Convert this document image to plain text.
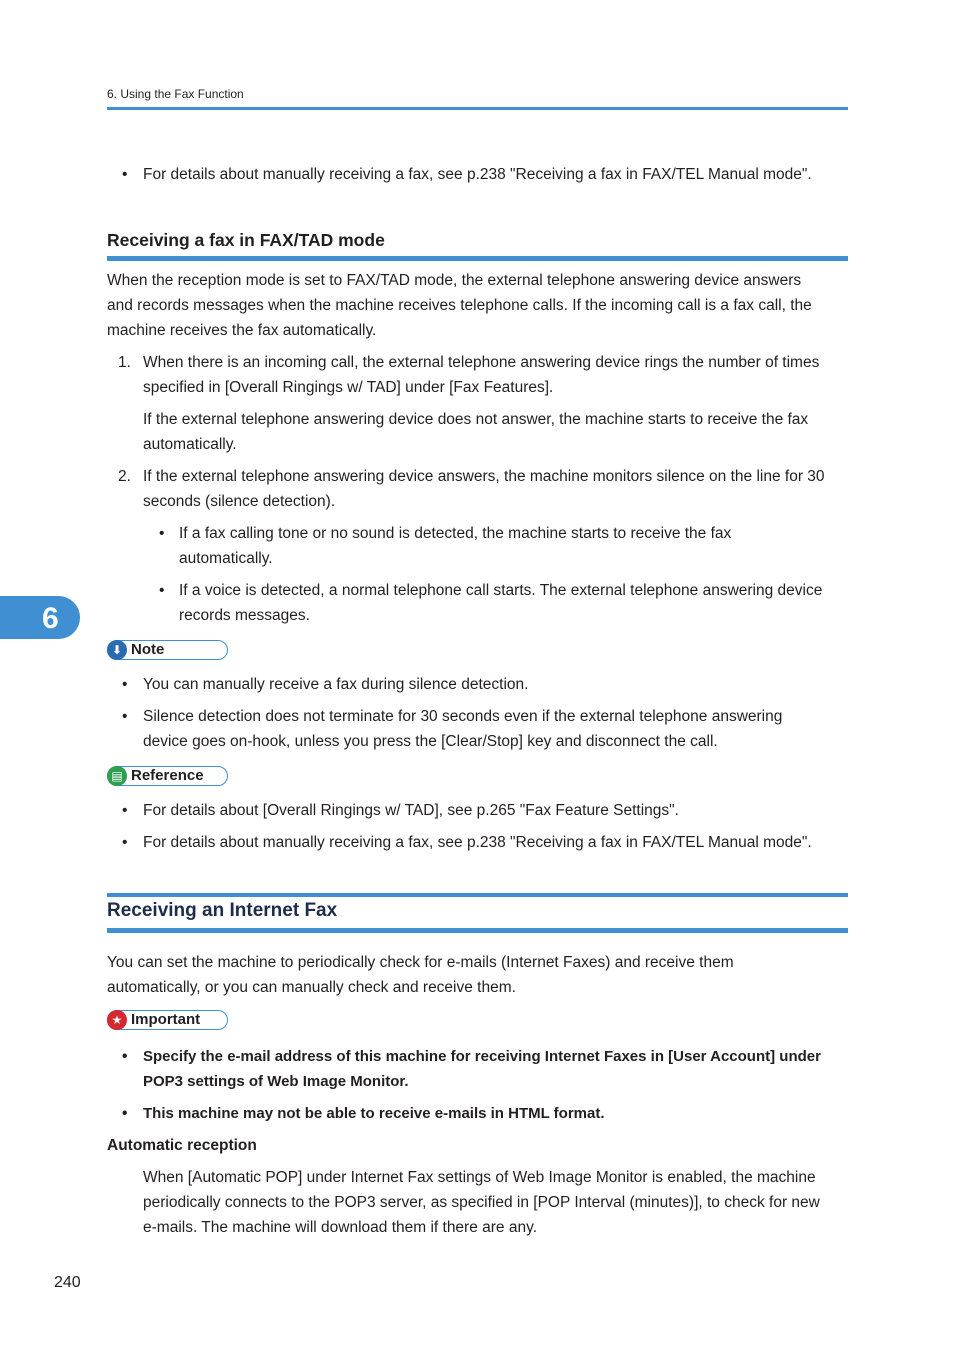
6. Using the Fax Function
• For details about manually receiving a fax, see p.238 "Receiving a fax in FAX/TEL Manual mode".
Receiving a fax in FAX/TAD mode
When the reception mode is set to FAX/TAD mode, the external telephone answering device answers
and records messages when the machine receives telephone calls. If the incoming call is a fax call, the
machine receives the fax automatically.
1. When there is an incoming call, the external telephone answering device rings the number of times
specified in [Overall Ringings w/ TAD] under [Fax Features].
If the external telephone answering device does not answer, the machine starts to receive the fax
automatically.
2. If the external telephone answering device answers, the machine monitors silence on the line for 30
seconds (silence detection).
• If a fax calling tone or no sound is detected, the machine starts to receive the fax
automatically.
• If a voice is detected, a normal telephone call starts. The external telephone answering device
records messages.
6
⬇ Note
• You can manually receive a fax during silence detection.
• Silence detection does not terminate for 30 seconds even if the external telephone answering
device goes on-hook, unless you press the [Clear/Stop] key and disconnect the call.
▤ Reference
• For details about [Overall Ringings w/ TAD], see p.265 "Fax Feature Settings".
• For details about manually receiving a fax, see p.238 "Receiving a fax in FAX/TEL Manual mode".
Receiving an Internet Fax
You can set the machine to periodically check for e-mails (Internet Faxes) and receive them
automatically, or you can manually check and receive them.
★ Important
• Specify the e-mail address of this machine for receiving Internet Faxes in [User Account] under
POP3 settings of Web Image Monitor.
• This machine may not be able to receive e-mails in HTML format.
Automatic reception
When [Automatic POP] under Internet Fax settings of Web Image Monitor is enabled, the machine
periodically connects to the POP3 server, as specified in [POP Interval (minutes)], to check for new
e-mails. The machine will download them if there are any.
240
